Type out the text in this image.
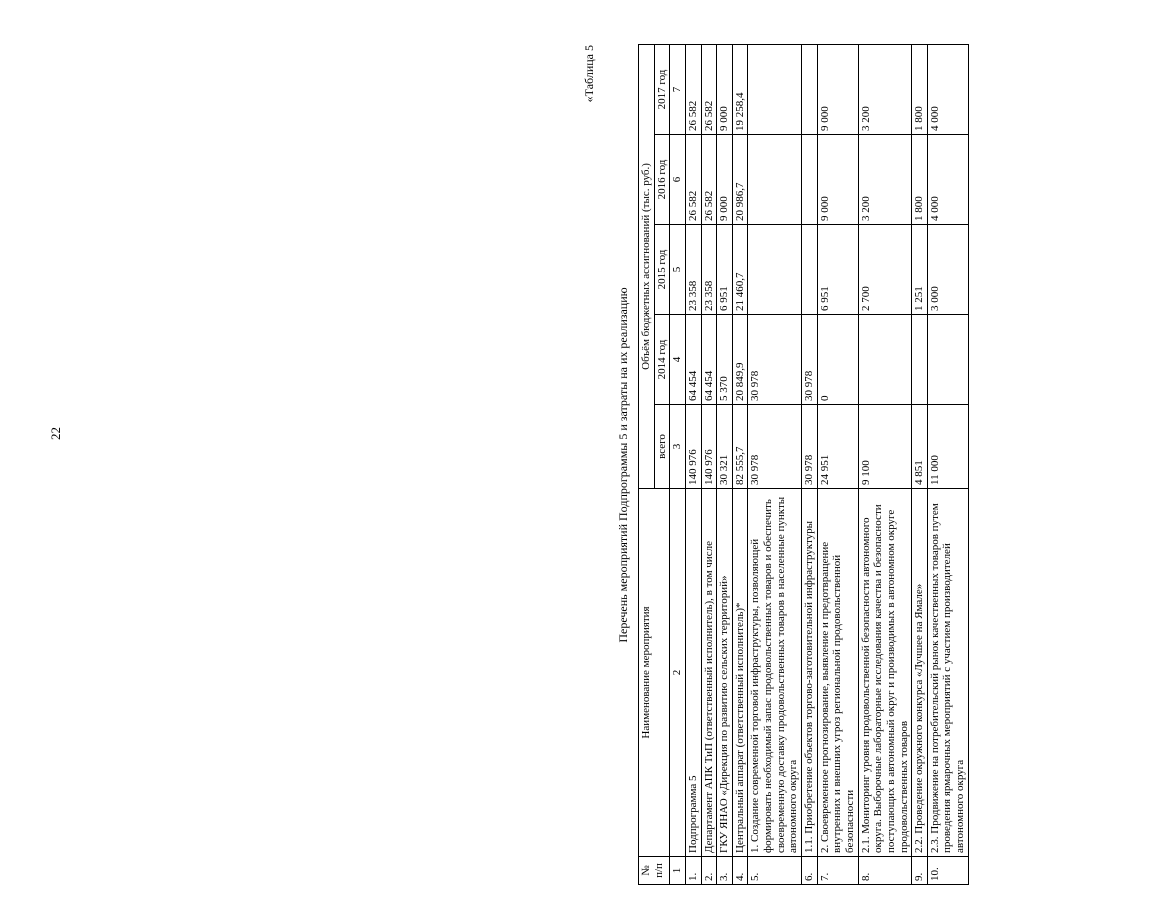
22
«Таблица 5
Перечень мероприятий Подпрограммы 5 и затраты на их реализацию
№ п/п	Наименование мероприятия	Объём бюджетных ассигнований (тыс. руб.)				
		всего	2014 год	2015 год	2016 год	2017 год
1	2	3	4	5	6	7
1.	Подпрограмма 5	140 976	64 454	23 358	26 582	26 582
2.	Департамент АПК ТиП (ответственный исполнитель), в том числе	140 976	64 454	23 358	26 582	26 582
3.	ГКУ ЯНАО «Дирекция по развитию сельских территорий»	30 321	5 370	6 951	9 000	9 000
4.	Центральный аппарат (ответственный исполнитель)*	82 555,7	20 849,9	21 460,7	20 986,7	19 258,4
5.	1. Создание современной торговой инфраструктуры, позволяющей формировать необходимый запас продовольственных товаров и обеспечить своевременную доставку продовольственных товаров в населенные пункты автономного округа	30 978	30 978			
6.	1.1. Приобретение объектов торгово-заготовительной инфраструктуры	30 978	30 978			
7.	2. Своевременное прогнозирование, выявление и предотвращение внутренних и внешних угроз региональной продовольственной безопасности	24 951	0	6 951	9 000	9 000
8.	2.1. Мониторинг уровня продовольственной безопасности автономного округа. Выборочные лабораторные исследования качества и безопасности поступающих в автономный округ и производимых в автономном округе продовольственных товаров	9 100		2 700	3 200	3 200
9.	2.2. Проведение окружного конкурса «Лучшее на Ямале»	4 851		1 251	1 800	1 800
10.	2.3. Продвижение на потребительский рынок качественных товаров путем проведения ярмарочных мероприятий с участием производителей автономного округа	11 000		3 000	4 000	4 000
